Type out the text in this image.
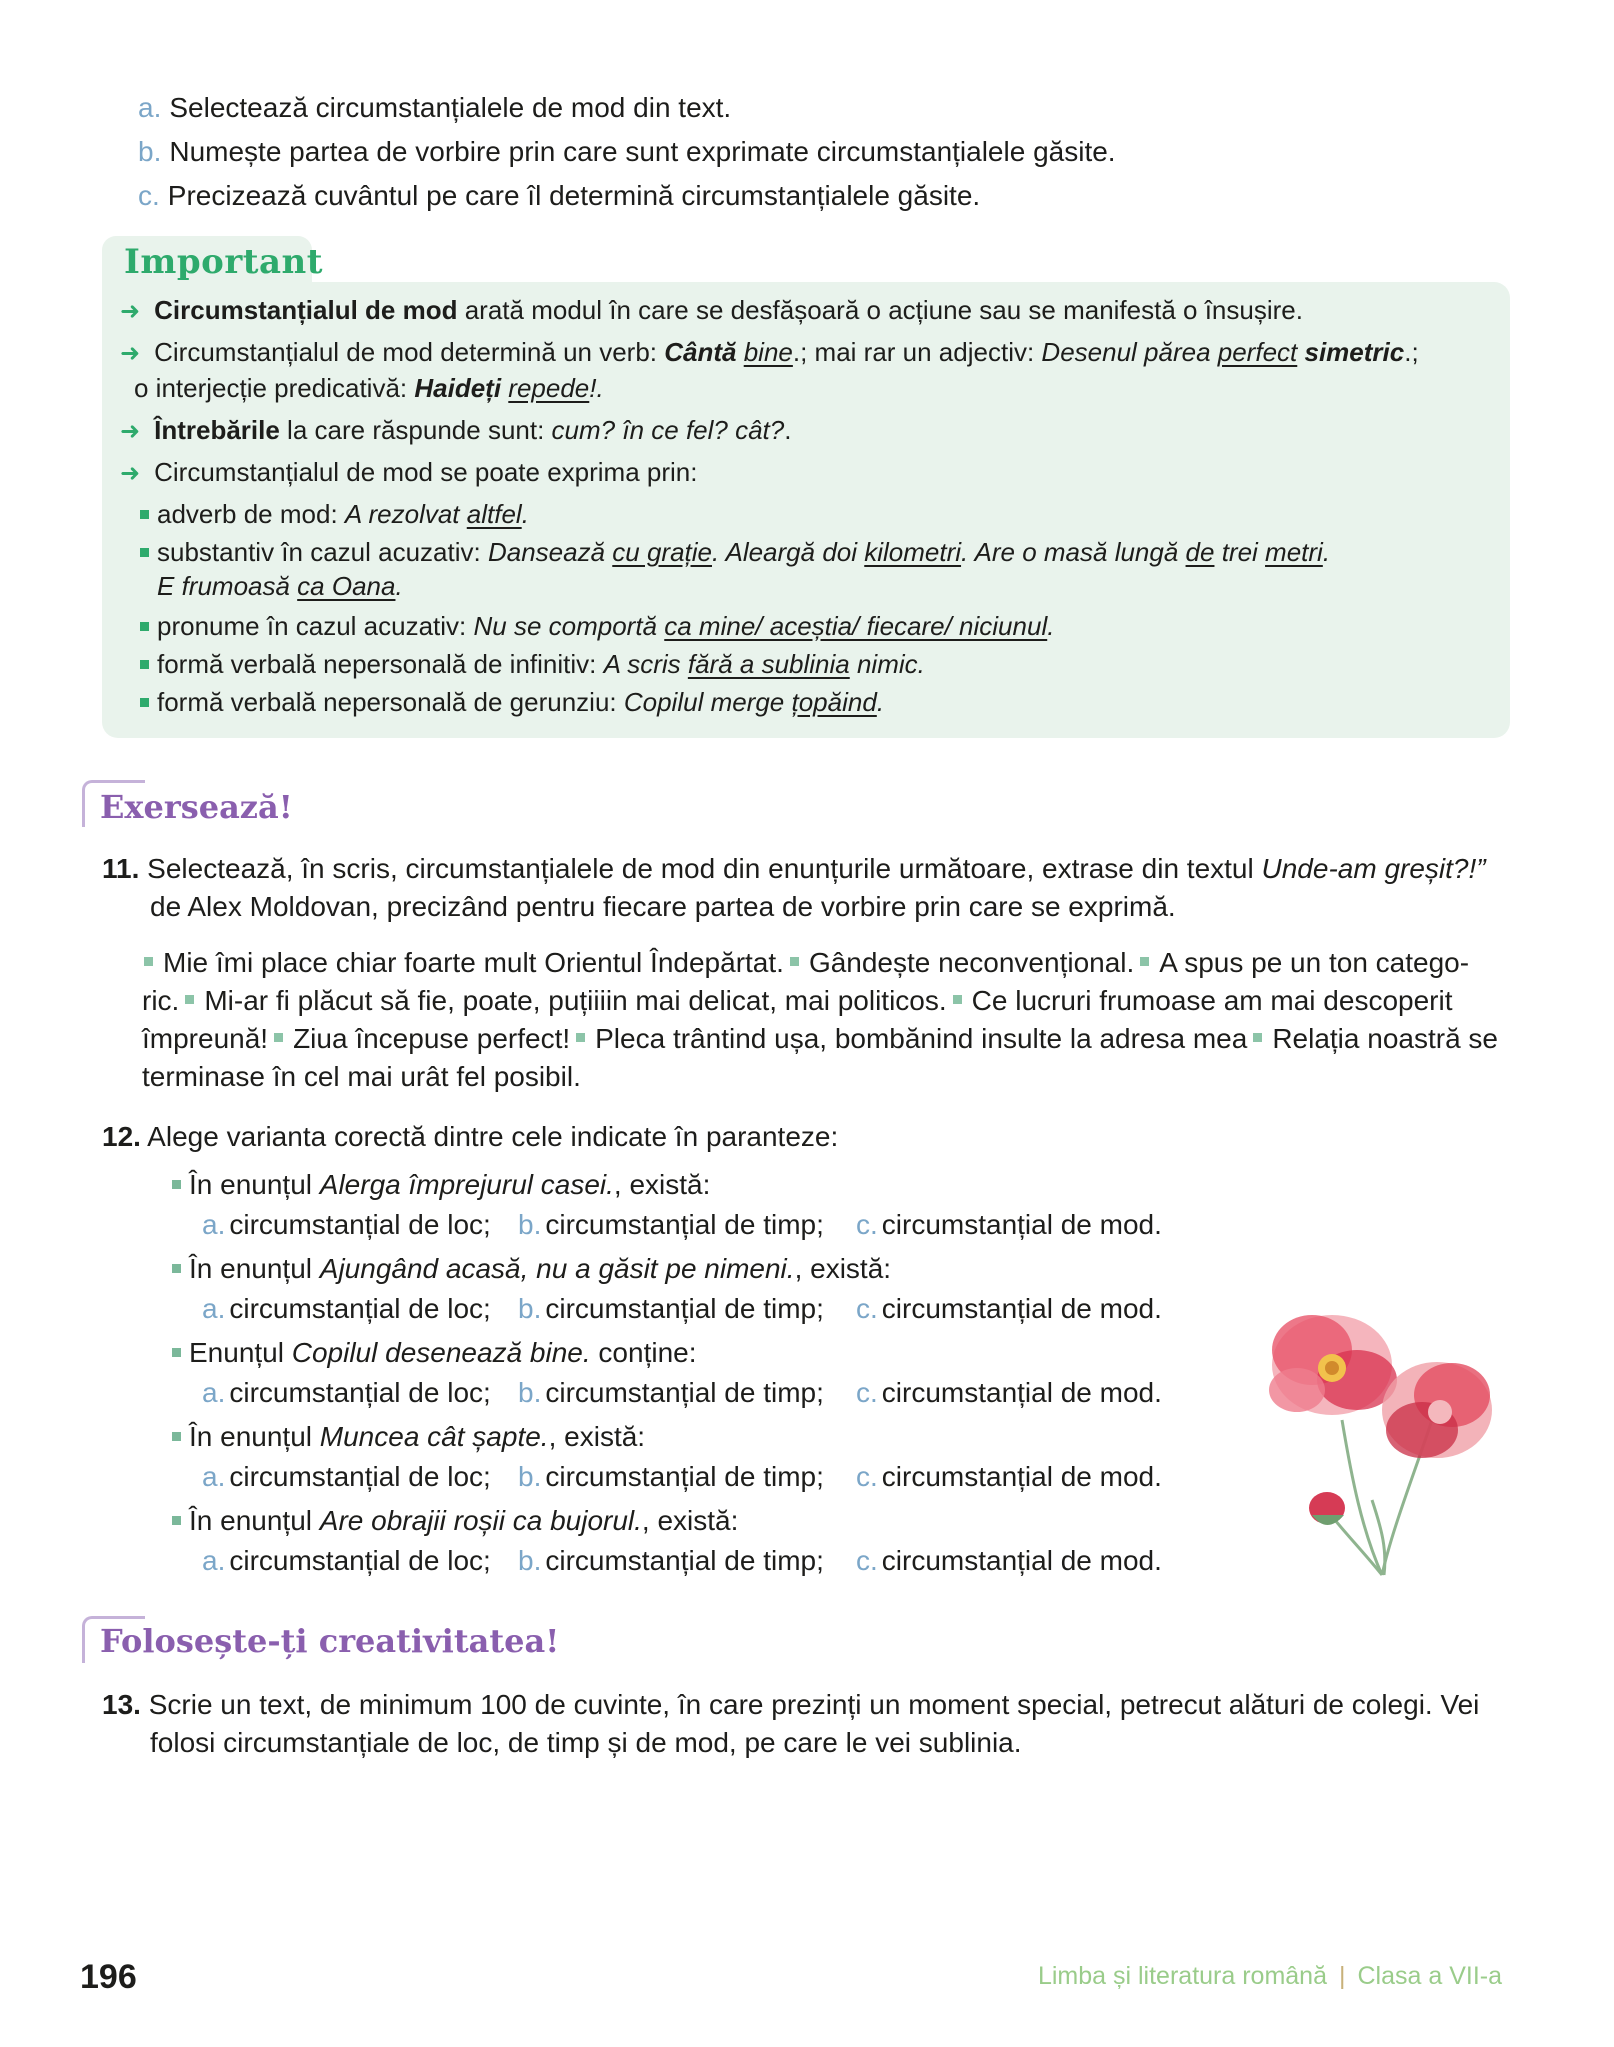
a. Selectează circumstanțialele de mod din text.
b. Numește partea de vorbire prin care sunt exprimate circumstanțialele găsite.
c. Precizează cuvântul pe care îl determină circumstanțialele găsite.
Important
➜ Circumstanțialul de mod arată modul în care se desfășoară o acțiune sau se manifestă o însușire.
➜ Circumstanțialul de mod determină un verb: Cântă bine.; mai rar un adjectiv: Desenul părea perfect simetric.;
o interjecție predicativă: Haideți repede!.
➜ Întrebările la care răspunde sunt: cum? în ce fel? cât?.
➜ Circumstanțialul de mod se poate exprima prin:
adverb de mod: A rezolvat altfel.
substantiv în cazul acuzativ: Dansează cu grație. Aleargă doi kilometri. Are o masă lungă de trei metri.
E frumoasă ca Oana.
pronume în cazul acuzativ: Nu se comportă ca mine/ aceștia/ fiecare/ niciunul.
formă verbală nepersonală de infinitiv: A scris fără a sublinia nimic.
formă verbală nepersonală de gerunziu: Copilul merge țopăind.
Exersează!
11. Selectează, în scris, circumstanțialele de mod din enunțurile următoare, extrase din textul Unde-am greșit?!”
de Alex Moldovan, precizând pentru fiecare partea de vorbire prin care se exprimă.
Mie îmi place chiar foarte mult Orientul Îndepărtat. Gândește neconvențional. A spus pe un ton catego-
ric. Mi-ar fi plăcut să fie, poate, puțiiiin mai delicat, mai politicos. Ce lucruri frumoase am mai descoperit
împreună! Ziua începuse perfect! Pleca trântind ușa, bombănind insulte la adresa mea Relația noastră se
terminase în cel mai urât fel posibil.
12. Alege varianta corectă dintre cele indicate în paranteze:
În enunțul Alerga împrejurul casei., există:
a. circumstanțial de loc; b. circumstanțial de timp; c. circumstanțial de mod.
În enunțul Ajungând acasă, nu a găsit pe nimeni., există:
a. circumstanțial de loc; b. circumstanțial de timp; c. circumstanțial de mod.
Enunțul Copilul desenează bine. conține:
a. circumstanțial de loc; b. circumstanțial de timp; c. circumstanțial de mod.
În enunțul Muncea cât șapte., există:
a. circumstanțial de loc; b. circumstanțial de timp; c. circumstanțial de mod.
În enunțul Are obrajii roșii ca bujorul., există:
a. circumstanțial de loc; b. circumstanțial de timp; c. circumstanțial de mod.
Folosește-ți creativitatea!
13. Scrie un text, de minimum 100 de cuvinte, în care prezinți un moment special, petrecut alături de colegi. Vei
folosi circumstanțiale de loc, de timp și de mod, pe care le vei sublinia.
196	Limba și literatura română | Clasa a VII-a
